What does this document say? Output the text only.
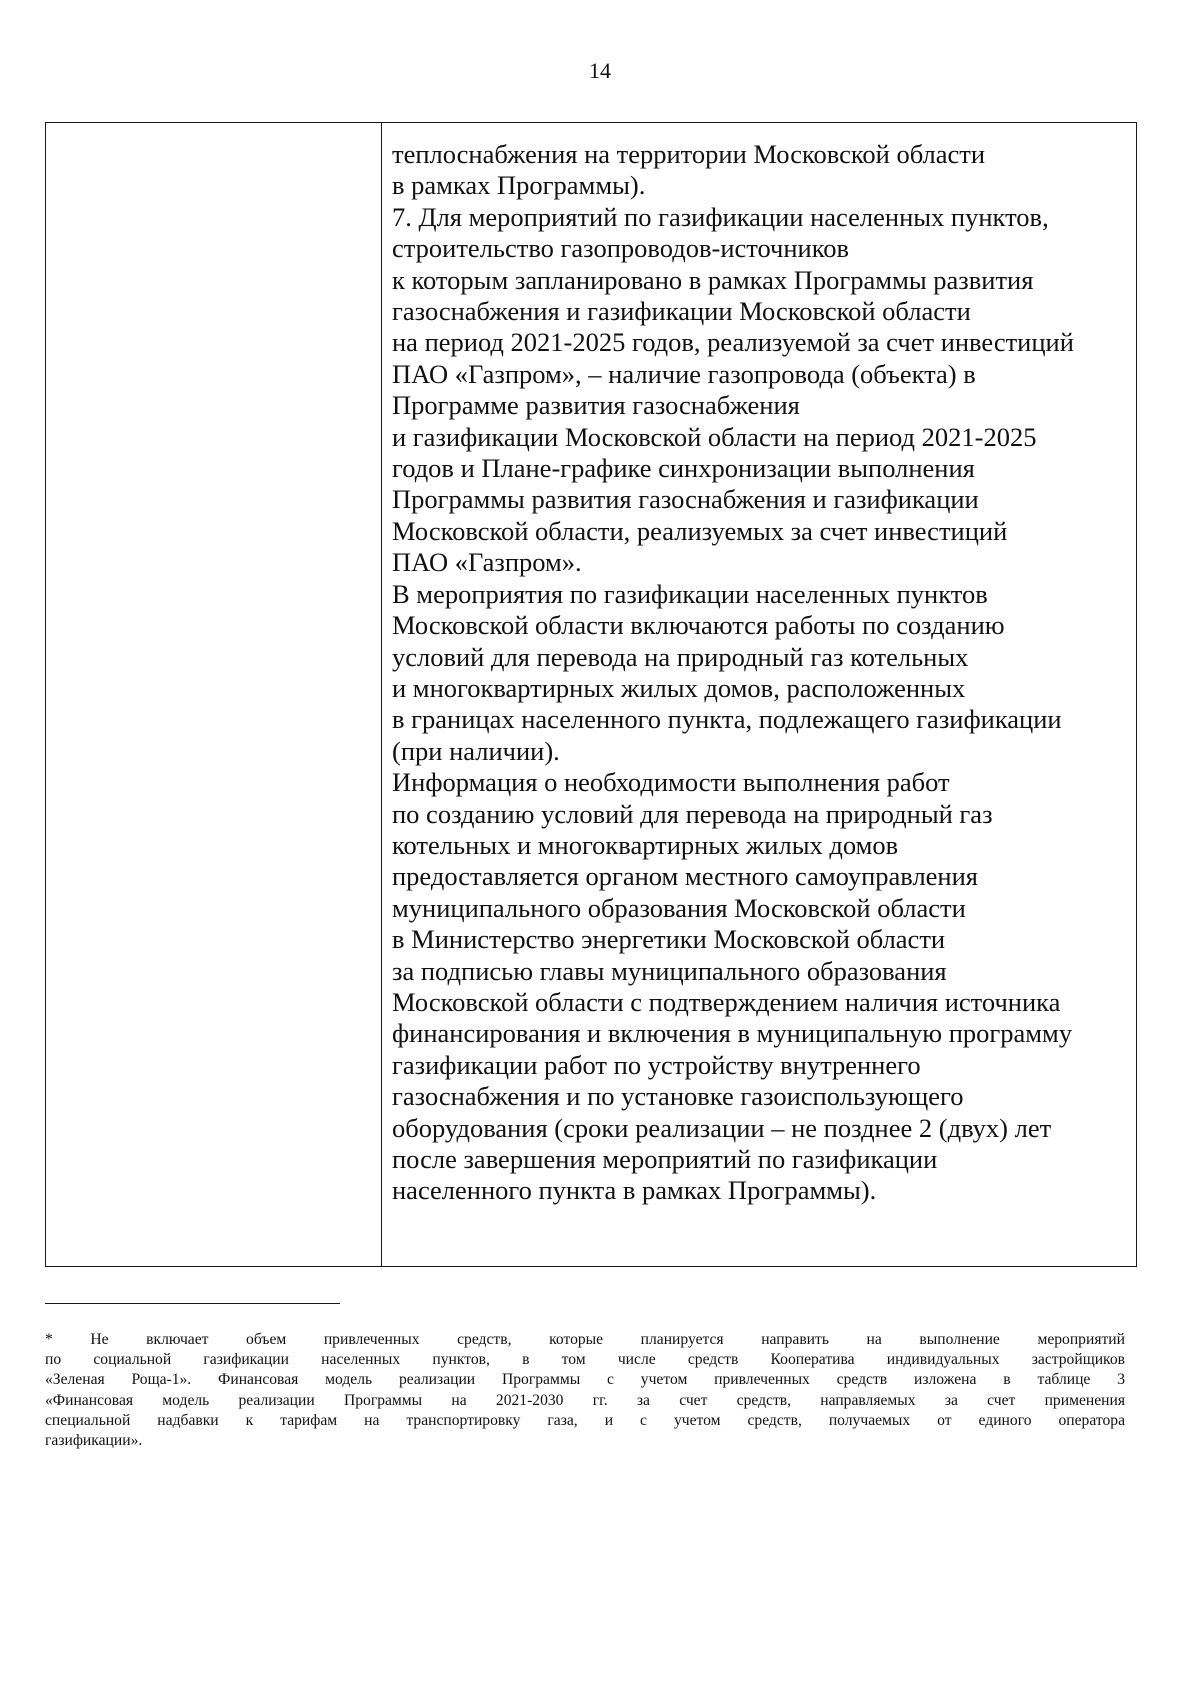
14
теплоснабжения на территории Московской области
в рамках Программы).
7. Для мероприятий по газификации населенных пунктов,
строительство газопроводов-источников
к которым запланировано в рамках Программы развития
газоснабжения и газификации Московской области
на период 2021-2025 годов, реализуемой за счет инвестиций
ПАО «Газпром», – наличие газопровода (объекта) в
Программе развития газоснабжения
и газификации Московской области на период 2021-2025
годов и Плане-графике синхронизации выполнения
Программы развития газоснабжения и газификации
Московской области, реализуемых за счет инвестиций
ПАО «Газпром».
В мероприятия по газификации населенных пунктов
Московской области включаются работы по созданию
условий для перевода на природный газ котельных
и многоквартирных жилых домов, расположенных
в границах населенного пункта, подлежащего газификации
(при наличии).
Информация о необходимости выполнения работ
по созданию условий для перевода на природный газ
котельных и многоквартирных жилых домов
предоставляется органом местного самоуправления
муниципального образования Московской области
в Министерство энергетики Московской области
за подписью главы муниципального образования
Московской области с подтверждением наличия источника
финансирования и включения в муниципальную программу
газификации работ по устройству внутреннего
газоснабжения и по установке газоиспользующего
оборудования (сроки реализации – не позднее 2 (двух) лет
после завершения мероприятий по газификации
населенного пункта в рамках Программы).
* Не включает объем привлеченных средств, которые планируется направить на выполнение мероприятий
по социальной газификации населенных пунктов, в том числе средств Кооператива индивидуальных застройщиков
«Зеленая Роща-1». Финансовая модель реализации Программы с учетом привлеченных средств изложена в таблице 3
«Финансовая модель реализации Программы на 2021-2030 гг. за счет средств, направляемых за счет применения
специальной надбавки к тарифам на транспортировку газа, и с учетом средств, получаемых от единого оператора
газификации».
